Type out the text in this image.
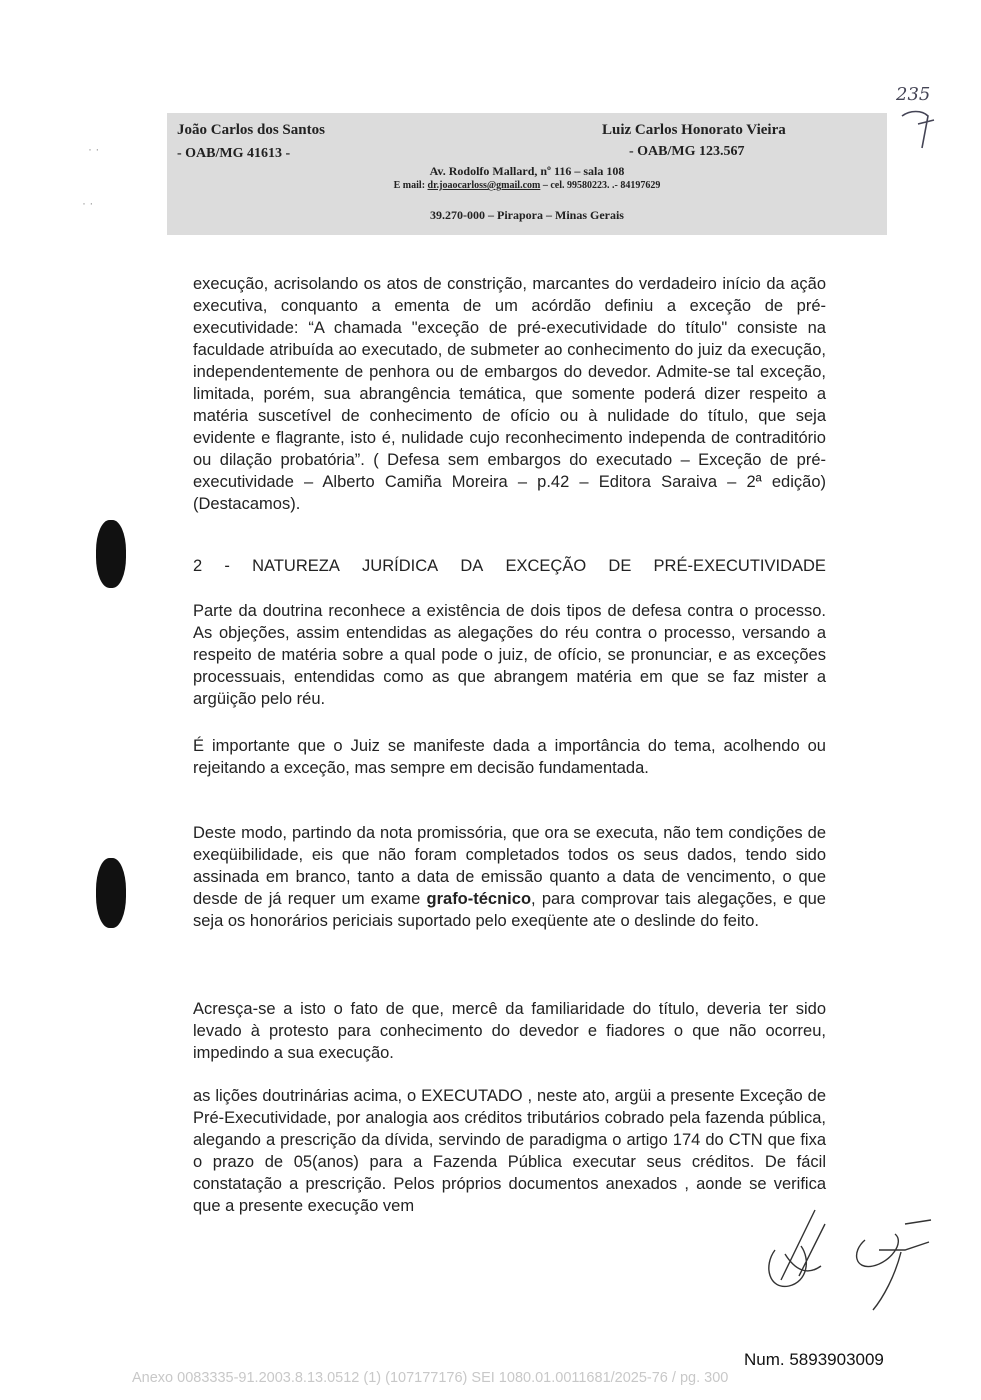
João Carlos dos Santos
- OAB/MG 41613 -
Luiz Carlos Honorato Vieira
- OAB/MG 123.567
Av. Rodolfo Mallard, nº 116 – sala 108
E mail: dr.joaocarloss@gmail.com – cel. 99580223. .- 84197629
39.270-000 – Pirapora – Minas Gerais
235
· ·
· ·
execução, acrisolando os atos de constrição, marcantes do verdadeiro início da ação executiva, conquanto a ementa de um acórdão definiu a exceção de pré-executividade: “A chamada "exceção de pré-executividade do título" consiste na faculdade atribuída ao executado, de submeter ao conhecimento do juiz da execução, independentemente de penhora ou de embargos do devedor. Admite-se tal exceção, limitada, porém, sua abrangência temática, que somente poderá dizer respeito a matéria suscetível de conhecimento de ofício ou à nulidade do título, que seja evidente e flagrante, isto é, nulidade cujo reconhecimento independa de contraditório ou dilação probatória”. ( Defesa sem embargos do executado – Exceção de pré-executividade – Alberto Camiña Moreira – p.42 – Editora Saraiva – 2ª edição) (Destacamos).
2 - NATUREZA JURÍDICA DA EXCEÇÃO DE PRÉ-EXECUTIVIDADE
Parte da doutrina reconhece a existência de dois tipos de defesa contra o processo. As objeções, assim entendidas as alegações do réu contra o processo, versando a respeito de matéria sobre a qual pode o juiz, de ofício, se pronunciar, e as exceções processuais, entendidas como as que abrangem matéria em que se faz mister a argüição pelo réu.
É importante que o Juiz se manifeste dada a importância do tema, acolhendo ou rejeitando a exceção, mas sempre em decisão fundamentada.
Deste modo, partindo da nota promissória, que ora se executa, não tem condições de exeqüibilidade, eis que não foram completados todos os seus dados, tendo sido assinada em branco, tanto a data de emissão quanto a data de vencimento, o que desde de já requer um exame grafo-técnico, para comprovar tais alegações, e que seja os honorários periciais suportado pelo exeqüente ate o deslinde do feito.
Acresça-se a isto o fato de que, mercê da familiaridade do título, deveria ter sido levado à protesto para conhecimento do devedor e fiadores o que não ocorreu, impedindo a sua execução.
as lições doutrinárias acima, o EXECUTADO , neste ato, argüi a presente Exceção de Pré-Executividade, por analogia aos créditos tributários cobrado pela fazenda pública, alegando a prescrição da dívida, servindo de paradigma o artigo 174 do CTN que fixa o prazo de 05(anos) para a Fazenda Pública executar seus créditos. De fácil constatação a prescrição. Pelos próprios documentos anexados , aonde se verifica que a presente execução vem
Num. 5893903009
Anexo 0083335-91.2003.8.13.0512 (1) (107177176) SEI 1080.01.0011681/2025-76 / pg. 300
